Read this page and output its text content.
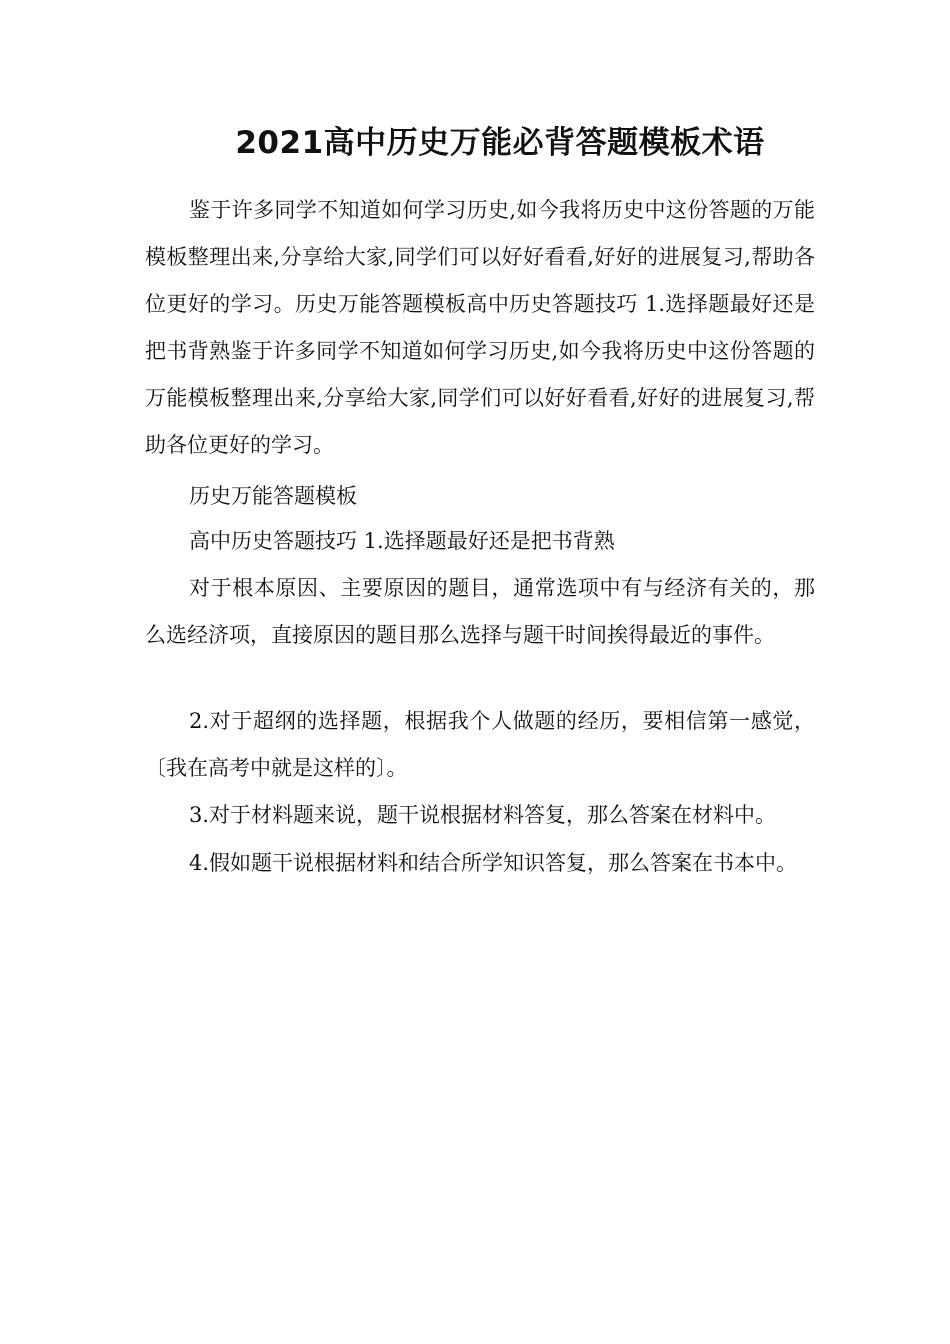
2021高中历史万能必背答题模板术语

鉴于许多同学不知道如何学习历史,如今我将历史中这份答题的万能模板整理出来,分享给大家,同学们可以好好看看,好好的进展复习,帮助各位更好的学习。历史万能答题模板高中历史答题技巧 1.选择题最好还是把书背熟鉴于许多同学不知道如何学习历史,如今我将历史中这份答题的万能模板整理出来,分享给大家,同学们可以好好看看,好好的进展复习,帮助各位更好的学习。

历史万能答题模板

高中历史答题技巧 1.选择题最好还是把书背熟

对于根本原因、主要原因的题目，通常选项中有与经济有关的，那么选经济项，直接原因的题目那么选择与题干时间挨得最近的事件。

2.对于超纲的选择题，根据我个人做题的经历，要相信第一感觉，〔我在高考中就是这样的〕。

3.对于材料题来说，题干说根据材料答复，那么答案在材料中。

4.假如题干说根据材料和结合所学知识答复，那么答案在书本中。
